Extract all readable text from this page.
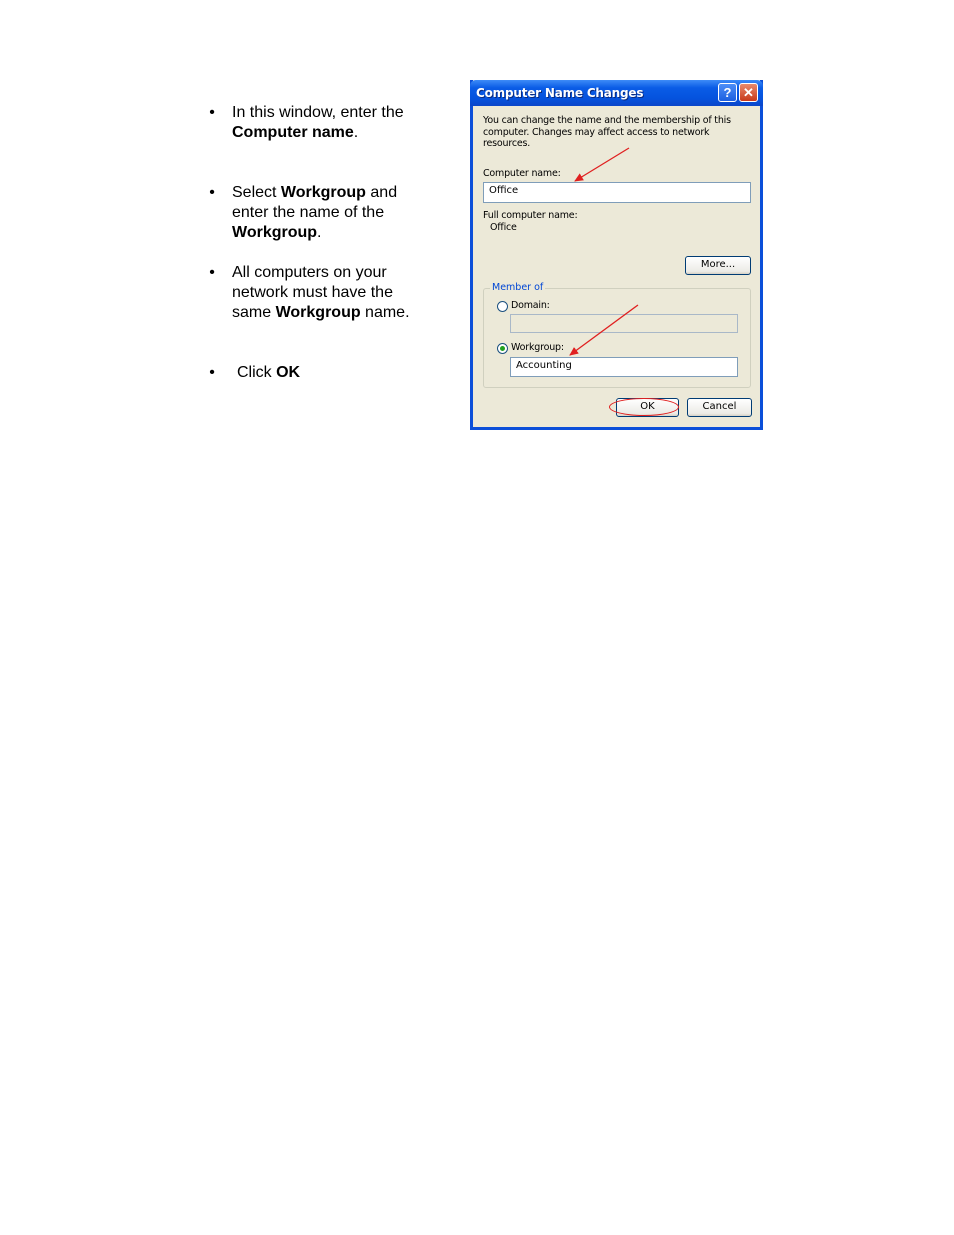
• In this window, enter the Computer name.

• Select Workgroup and enter the name of the Workgroup.

• All computers on your network must have the same Workgroup name.

• Click OK

Computer Name Changes	? ✕
You can change the name and the membership of this computer. Changes may affect access to network resources.
Computer name:
Office
Full computer name:
Office
More...
Member of
Domain:
Workgroup:
Accounting
OK	Cancel
